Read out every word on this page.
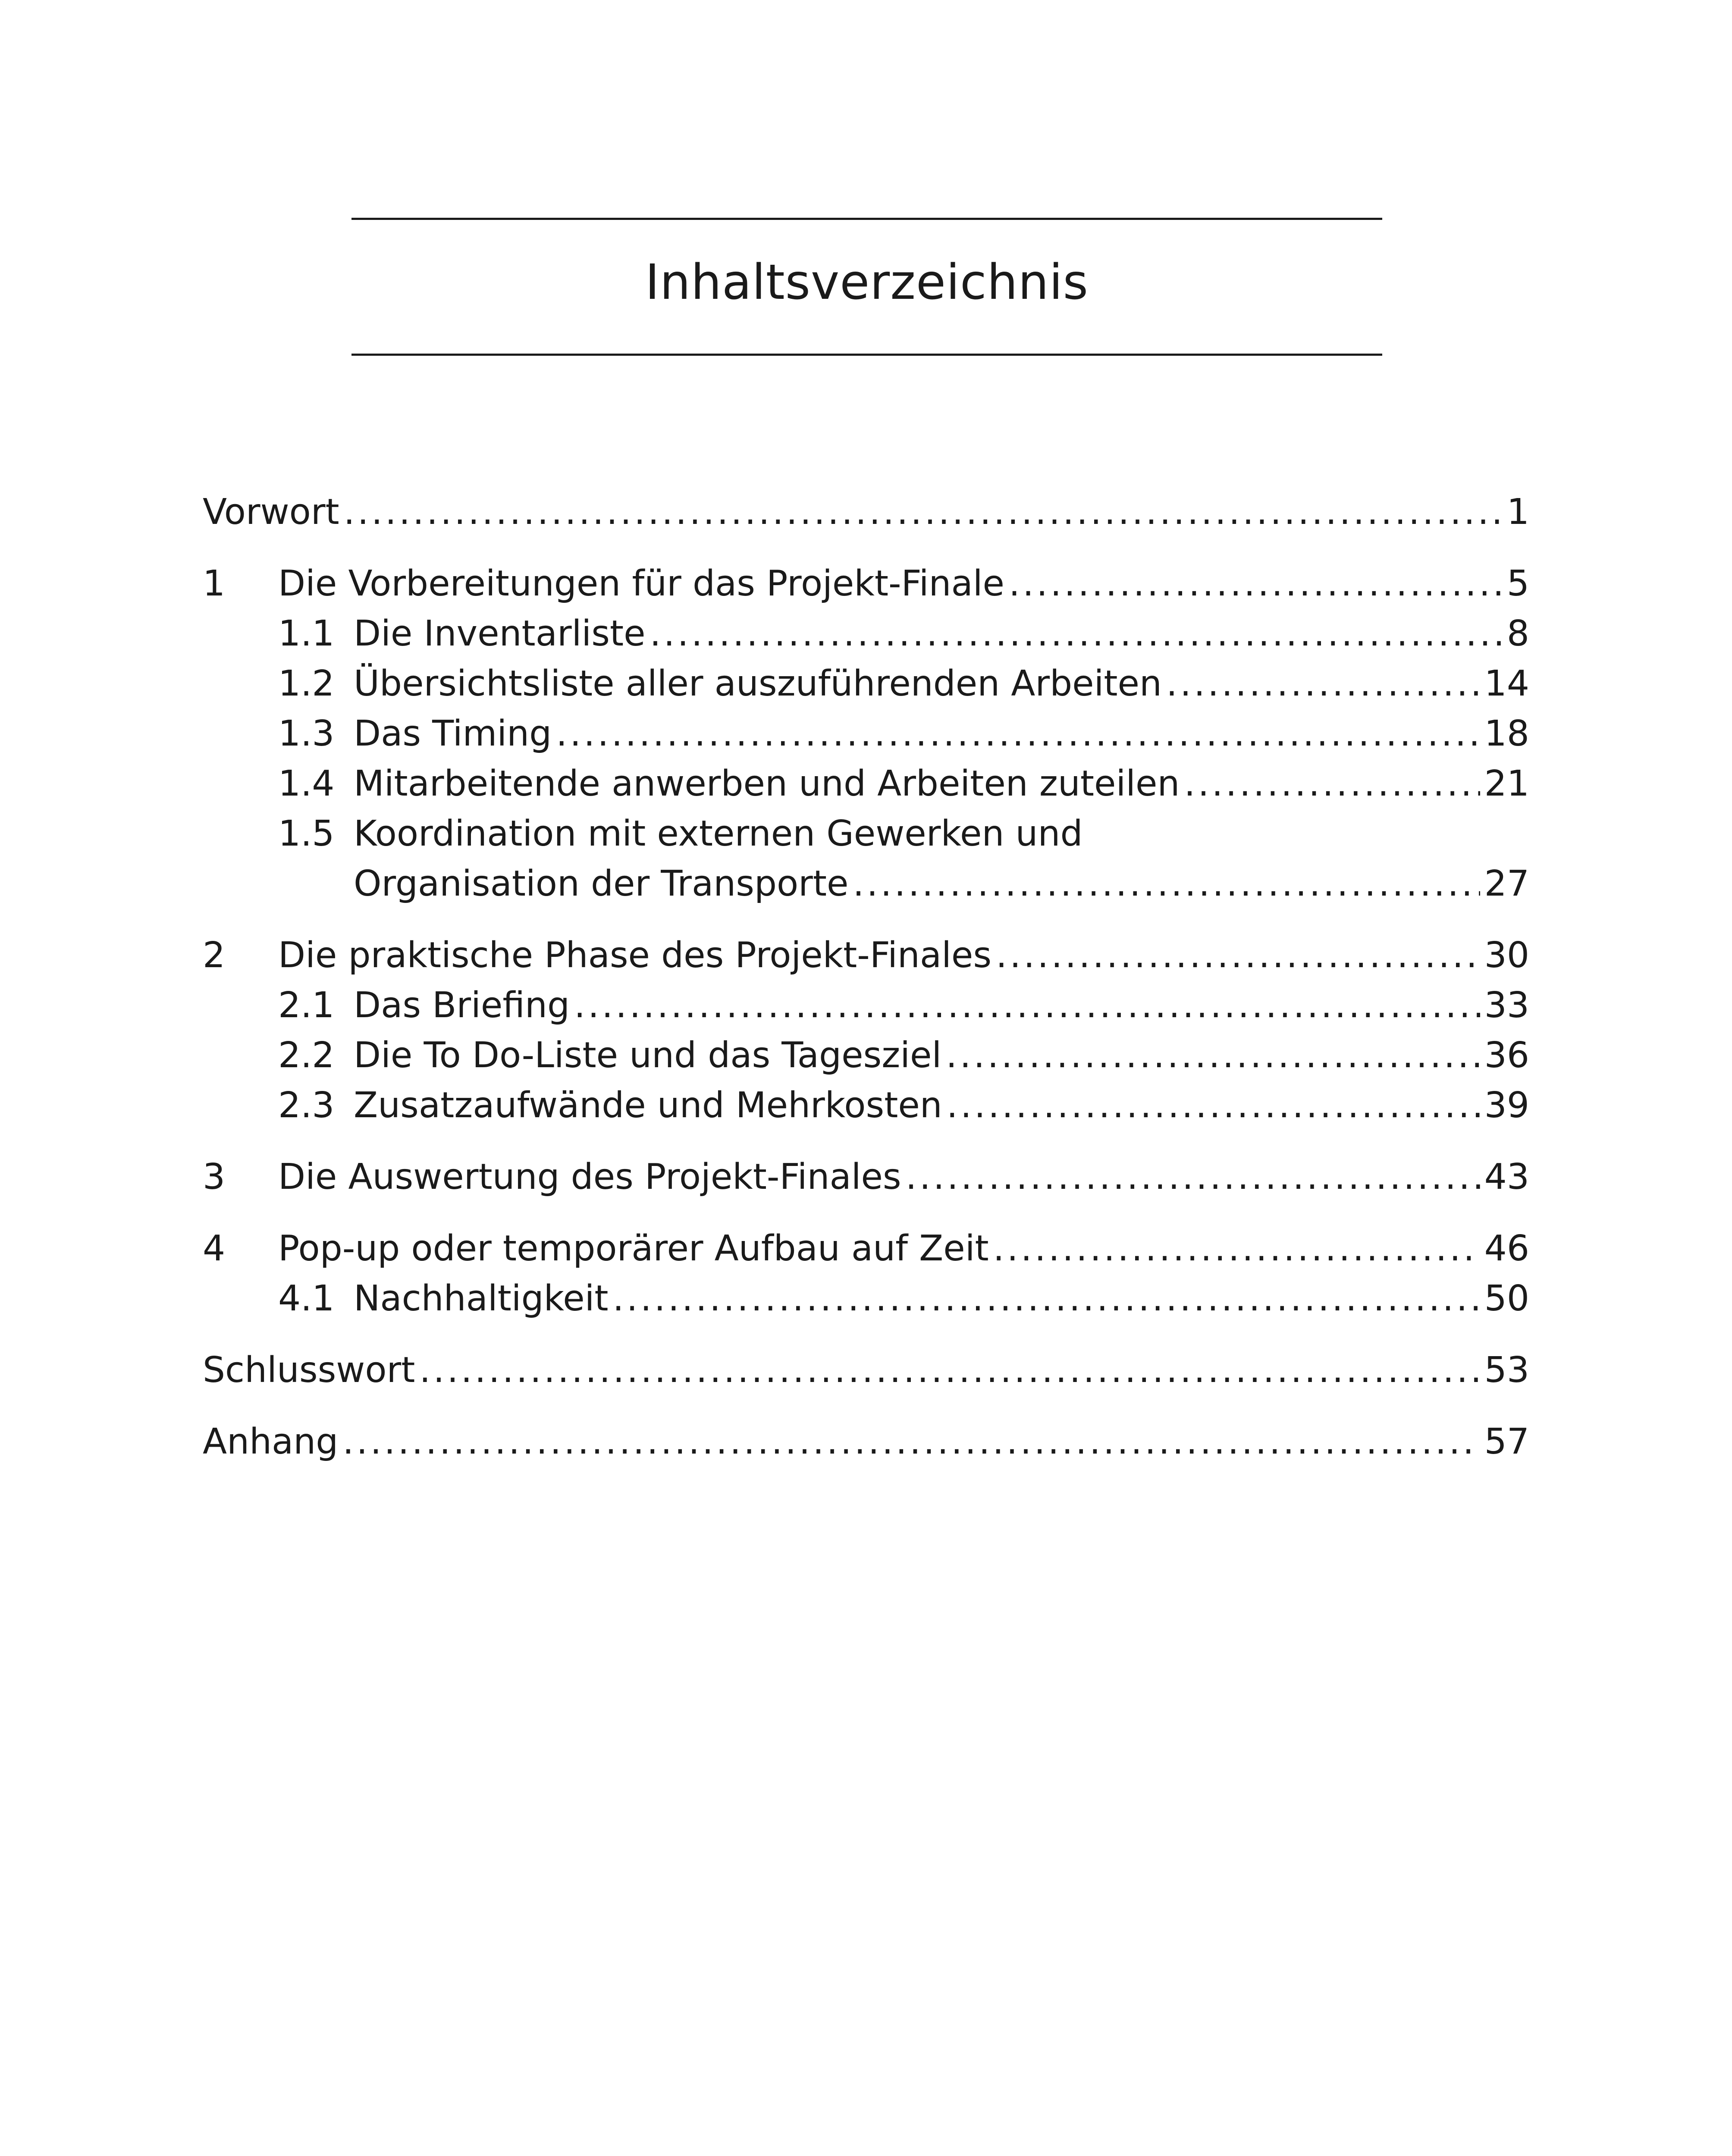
Inhaltsverzeichnis
Vorwort .....	1
1 Die Vorbereitungen für das Projekt-Finale .....	5
1.1 Die Inventarliste .....	8
1.2 Übersichtsliste aller auszuführenden Arbeiten .....	14
1.3 Das Timing .....	18
1.4 Mitarbeitende anwerben und Arbeiten zuteilen .....	21
1.5 Koordination mit externen Gewerken und
Organisation der Transporte .....	27
2 Die praktische Phase des Projekt-Finales .....	30
2.1 Das Briefing .....	33
2.2 Die To Do-Liste und das Tagesziel .....	36
2.3 Zusatzaufwände und Mehrkosten .....	39
3 Die Auswertung des Projekt-Finales .....	43
4 Pop-up oder temporärer Aufbau auf Zeit .....	46
4.1 Nachhaltigkeit .....	50
Schlusswort .....	53
Anhang .....	57
